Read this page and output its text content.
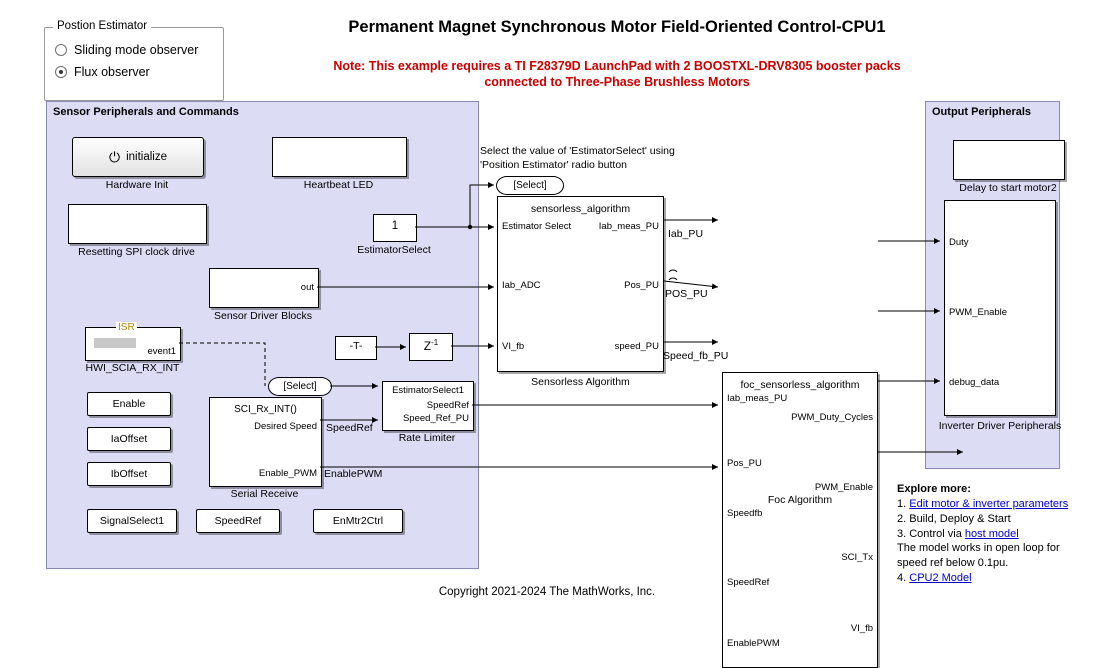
Permanent Magnet Synchronous Motor Field-Oriented Control-CPU1
Note: This example requires a TI F28379D LaunchPad with 2 BOOSTXL-DRV8305 booster packs
connected to Three-Phase Brushless Motors
Copyright 2021-2024 The MathWorks, Inc.
Postion Estimator
Sliding mode observer
Flux observer
Sensor Peripherals and Commands
⏻ initialize
Hardware Init	Heartbeat LED
Resetting SPI clock drive
out
Sensor Driver Blocks
ISR
event1
HWI_SCIA_RX_INT
SCI_Rx_INT()
Desired Speed
Enable_PWM
Serial Receive
Enable
IaOffset
IbOffset
SignalSelect1	SpeedRef	EnMtr2Ctrl
1
EstimatorSelect
Select the value of 'EstimatorSelect' using
'Position Estimator' radio button
[Select]
[Select]
sensorless_algorithm
Estimator Select
Iab_ADC
VI_fb
Iab_meas_PU
Pos_PU
speed_PU
Sensorless Algorithm	foc_sensorless_algorithm
Iab_meas_PU
Pos_PU
Speedfb
SpeedRef
EnablePWM
PWM_Duty_Cycles
PWM_Enable
SCI_Tx
VI_fb
Foc Algorithm
EstimatorSelect1
SpeedRef
Speed_Ref_PU
Rate Limiter
SpeedRef
-T-	$Z^{-1}$
Iab_PU
POS_PU
Speed_fb_PU
EnablePWM
Output Peripherals
Delay to start motor2
Duty
PWM_Enable
debug_data
Inverter Driver Peripherals
Explore more:
1. Edit motor & inverter parameters
2. Build, Deploy & Start
3. Control via host model
The model works in open loop for speed ref below 0.1pu.
4. CPU2 Model
